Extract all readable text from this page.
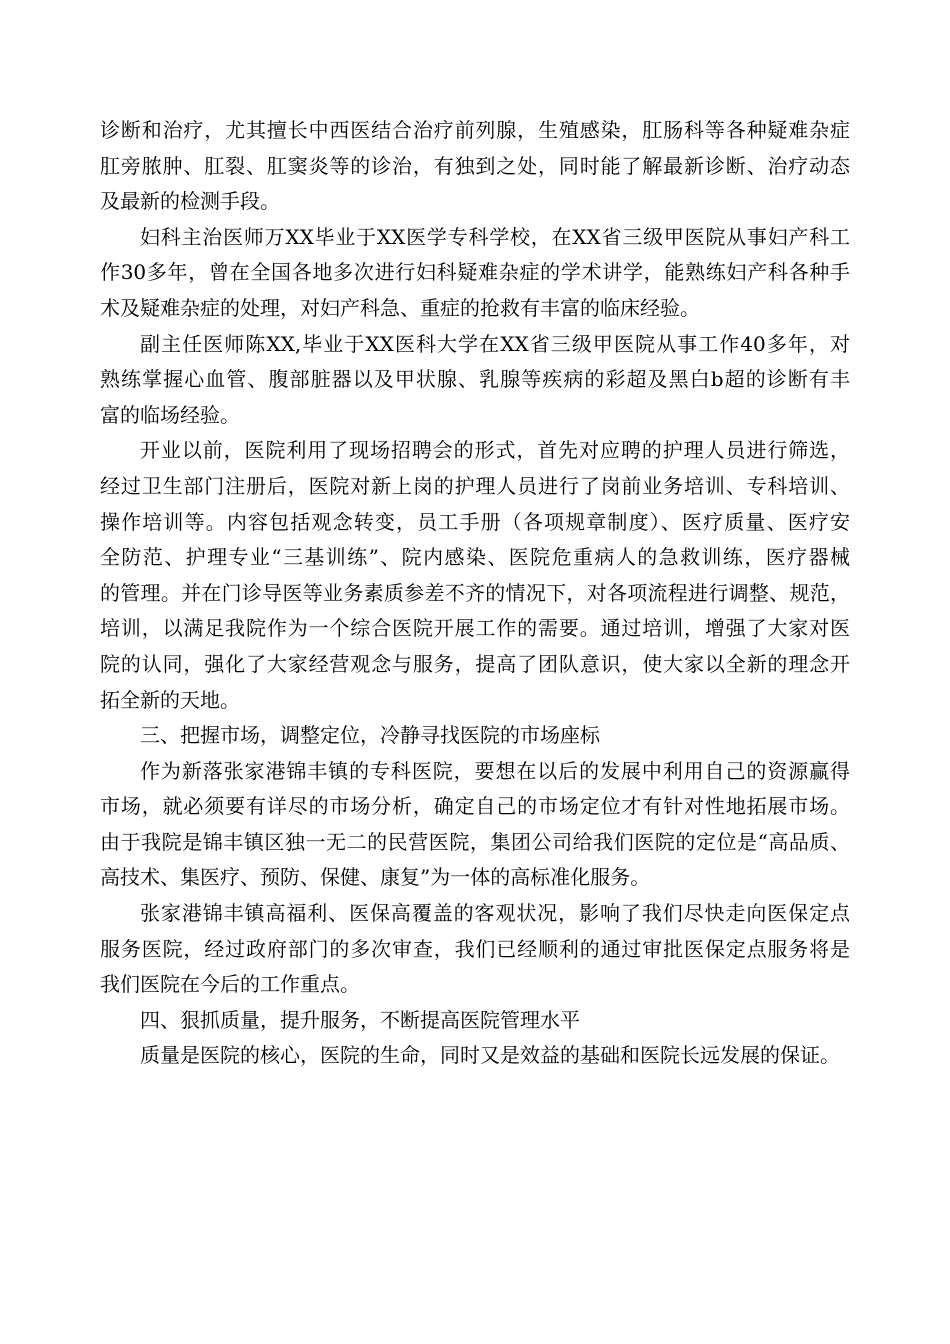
诊断和治疗，尤其擅长中西医结合治疗前列腺，生殖感染，肛肠科等各种疑难杂症
肛旁脓肿、肛裂、肛窦炎等的诊治，有独到之处，同时能了解最新诊断、治疗动态
及最新的检测手段。
妇科主治医师万XX毕业于XX医学专科学校，在XX省三级甲医院从事妇产科工
作30多年，曾在全国各地多次进行妇科疑难杂症的学术讲学，能熟练妇产科各种手
术及疑难杂症的处理，对妇产科急、重症的抢救有丰富的临床经验。
副主任医师陈XX,毕业于XX医科大学在XX省三级甲医院从事工作40多年，对
熟练掌握心血管、腹部脏器以及甲状腺、乳腺等疾病的彩超及黑白b超的诊断有丰
富的临场经验。
开业以前，医院利用了现场招聘会的形式，首先对应聘的护理人员进行筛选，
经过卫生部门注册后，医院对新上岗的护理人员进行了岗前业务培训、专科培训、
操作培训等。内容包括观念转变，员工手册（各项规章制度）、医疗质量、医疗安
全防范、护理专业“三基训练”、院内感染、医院危重病人的急救训练，医疗器械
的管理。并在门诊导医等业务素质参差不齐的情况下，对各项流程进行调整、规范，
培训，以满足我院作为一个综合医院开展工作的需要。通过培训，增强了大家对医
院的认同，强化了大家经营观念与服务，提高了团队意识，使大家以全新的理念开
拓全新的天地。
三、把握市场，调整定位，冷静寻找医院的市场座标
作为新落张家港锦丰镇的专科医院，要想在以后的发展中利用自己的资源赢得
市场，就必须要有详尽的市场分析，确定自己的市场定位才有针对性地拓展市场。
由于我院是锦丰镇区独一无二的民营医院，集团公司给我们医院的定位是“高品质、
高技术、集医疗、预防、保健、康复”为一体的高标准化服务。
张家港锦丰镇高福利、医保高覆盖的客观状况，影响了我们尽快走向医保定点
服务医院，经过政府部门的多次审查，我们已经顺利的通过审批医保定点服务将是
我们医院在今后的工作重点。
四、狠抓质量，提升服务，不断提高医院管理水平
质量是医院的核心，医院的生命，同时又是效益的基础和医院长远发展的保证。
